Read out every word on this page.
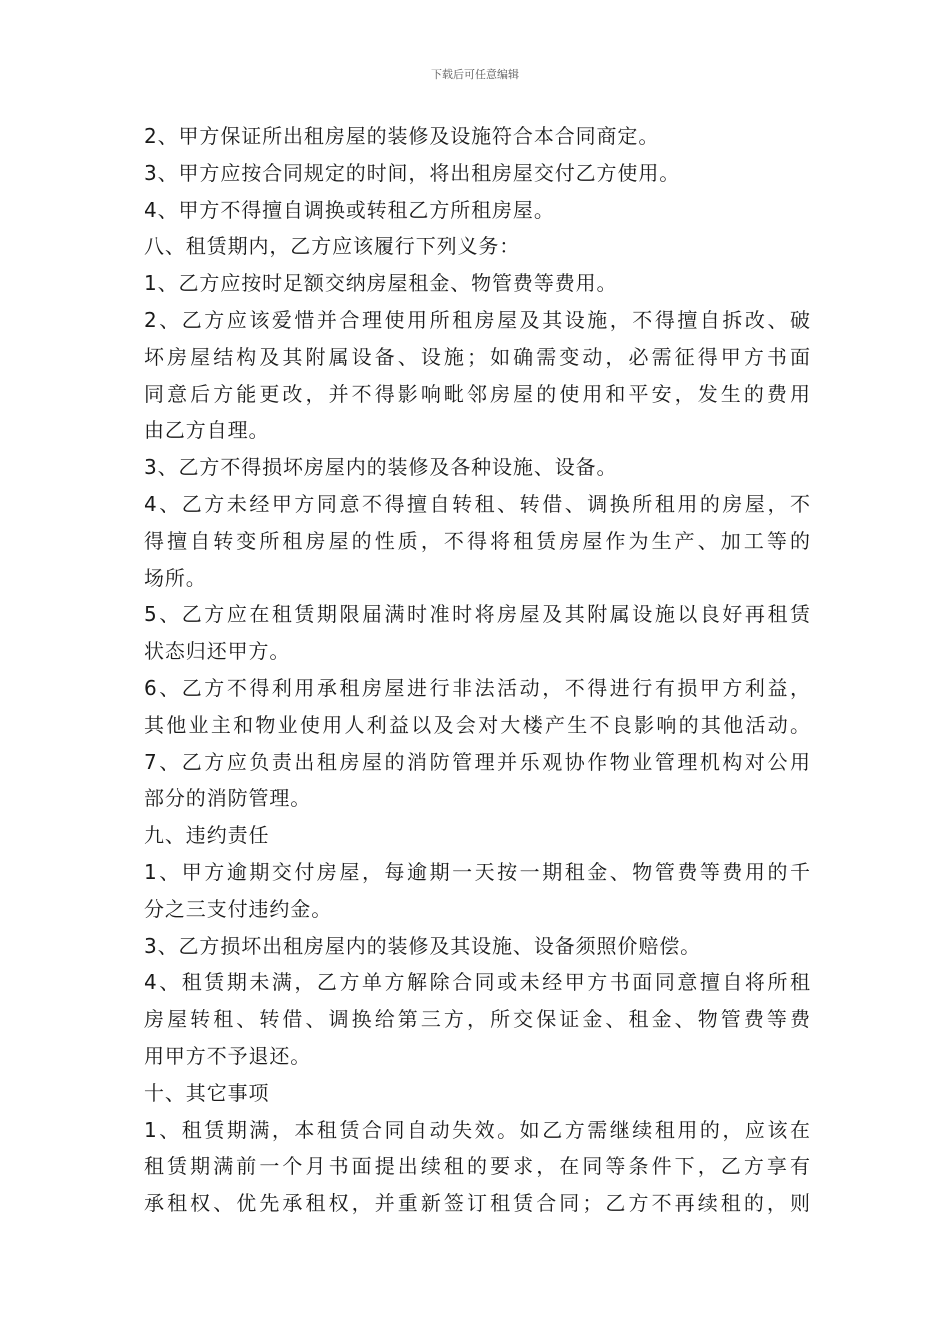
下载后可任意编辑
2、甲方保证所出租房屋的装修及设施符合本合同商定。
3、甲方应按合同规定的时间，将出租房屋交付乙方使用。
4、甲方不得擅自调换或转租乙方所租房屋。
八、租赁期内，乙方应该履行下列义务：
1、乙方应按时足额交纳房屋租金、物管费等费用。
2、乙方应该爱惜并合理使用所租房屋及其设施，不得擅自拆改、破
坏房屋结构及其附属设备、设施；如确需变动，必需征得甲方书面
同意后方能更改，并不得影响毗邻房屋的使用和平安，发生的费用
由乙方自理。
3、乙方不得损坏房屋内的装修及各种设施、设备。
4、乙方未经甲方同意不得擅自转租、转借、调换所租用的房屋，不
得擅自转变所租房屋的性质，不得将租赁房屋作为生产、加工等的
场所。
5、乙方应在租赁期限届满时准时将房屋及其附属设施以良好再租赁
状态归还甲方。
6、乙方不得利用承租房屋进行非法活动，不得进行有损甲方利益，
其他业主和物业使用人利益以及会对大楼产生不良影响的其他活动。
7、乙方应负责出租房屋的消防管理并乐观协作物业管理机构对公用
部分的消防管理。
九、违约责任
1、甲方逾期交付房屋，每逾期一天按一期租金、物管费等费用的千
分之三支付违约金。
3、乙方损坏出租房屋内的装修及其设施、设备须照价赔偿。
4、租赁期未满，乙方单方解除合同或未经甲方书面同意擅自将所租
房屋转租、转借、调换给第三方，所交保证金、租金、物管费等费
用甲方不予退还。
十、其它事项
1、租赁期满，本租赁合同自动失效。如乙方需继续租用的，应该在
租赁期满前一个月书面提出续租的要求，在同等条件下，乙方享有
承租权、优先承租权，并重新签订租赁合同；乙方不再续租的，则
